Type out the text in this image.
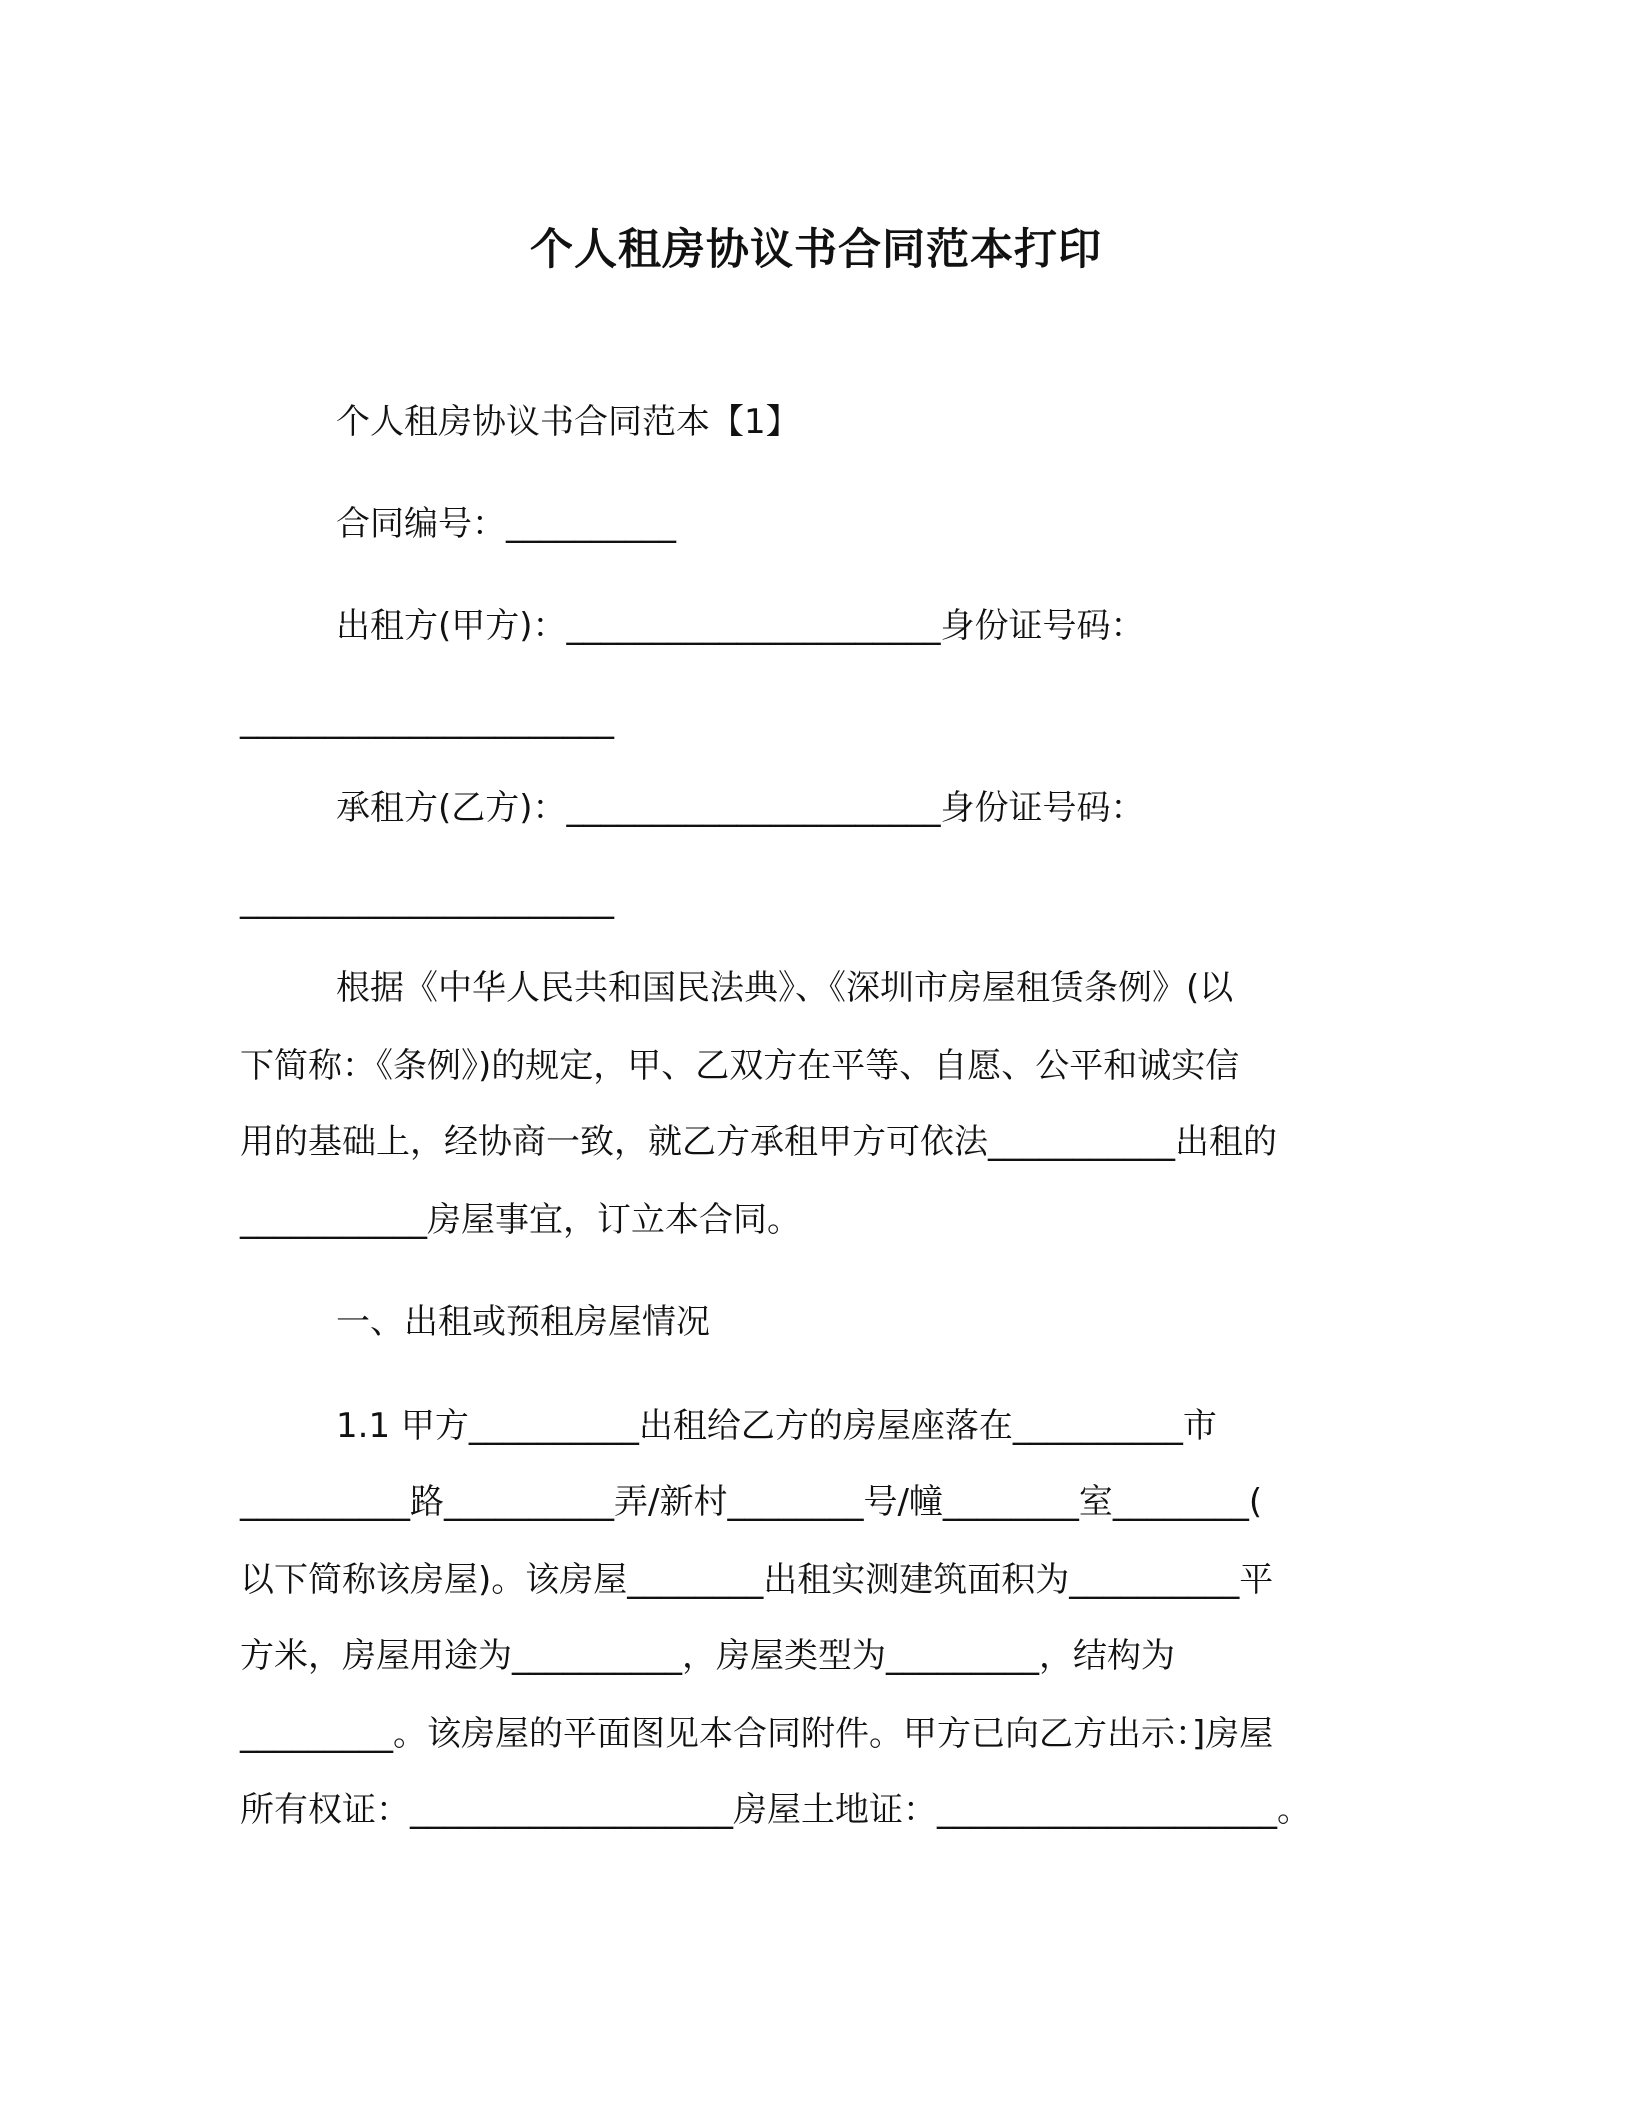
个人租房协议书合同范本打印
个人租房协议书合同范本【1】
合同编号：__________
出租方(甲方)：______________________身份证号码：
______________________
承租方(乙方)：______________________身份证号码：
______________________
根据《中华人民共和国民法典》、《深圳市房屋租赁条例》(以
下简称：《条例》)的规定，甲、乙双方在平等、自愿、公平和诚实信
用的基础上，经协商一致，就乙方承租甲方可依法___________出租的
___________房屋事宜，订立本合同。
一、出租或预租房屋情况
1.1 甲方__________出租给乙方的房屋座落在__________市
__________路__________弄/新村________号/幢________室________(
以下简称该房屋)。该房屋________出租实测建筑面积为__________平
方米，房屋用途为__________，房屋类型为_________，结构为
_________。该房屋的平面图见本合同附件。甲方已向乙方出示：]房屋
所有权证：___________________房屋土地证：____________________。
